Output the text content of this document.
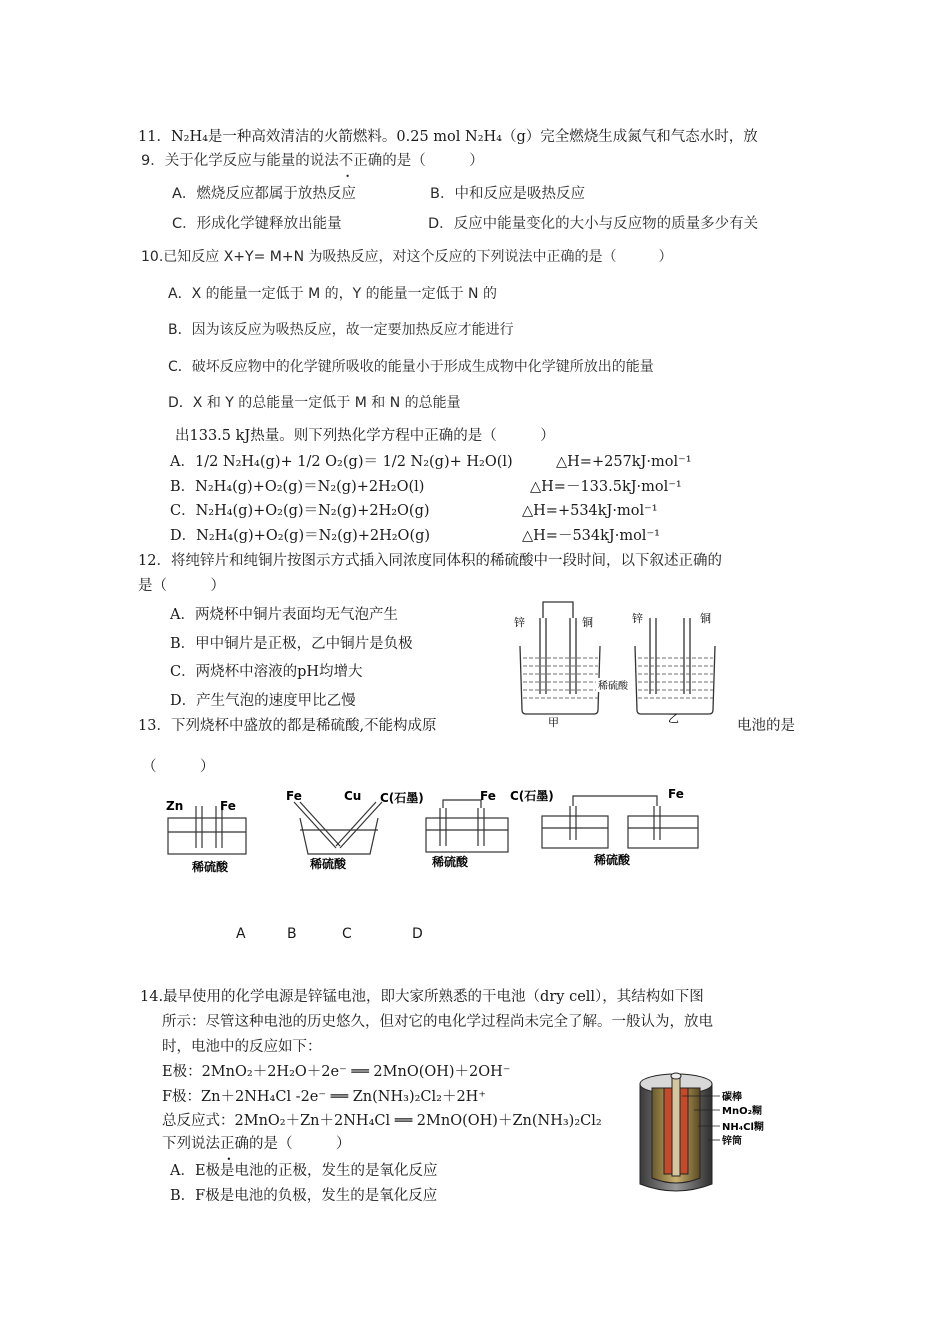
11．N₂H₄是一种高效清洁的火箭燃料。0.25 mol N₂H₄（g）完全燃烧生成氮气和气态水时，放
9．关于化学反应与能量的说法不正确的是（　　　）
A．燃烧反应都属于放热反应	B．中和反应是吸热反应
C．形成化学键释放出能量	D．反应中能量变化的大小与反应物的质量多少有关
10.已知反应 X+Y= M+N 为吸热反应，对这个反应的下列说法中正确的是（　　　）
A．X 的能量一定低于 M 的，Y 的能量一定低于 N 的
B．因为该反应为吸热反应，故一定要加热反应才能进行
C．破坏反应物中的化学键所吸收的能量小于形成生成物中化学键所放出的能量
D．X 和 Y 的总能量一定低于 M 和 N 的总能量
出133.5 kJ热量。则下列热化学方程中正确的是（　　　）
A．1/2 N₂H₄(g)+ 1/2 O₂(g)＝ 1/2 N₂(g)+ H₂O(l)	△H=+257kJ·mol⁻¹
B．N₂H₄(g)+O₂(g)＝N₂(g)+2H₂O(l)	△H=－133.5kJ·mol⁻¹
C．N₂H₄(g)+O₂(g)＝N₂(g)+2H₂O(g)	△H=+534kJ·mol⁻¹
D．N₂H₄(g)+O₂(g)＝N₂(g)+2H₂O(g)	△H=－534kJ·mol⁻¹
12．将纯锌片和纯铜片按图示方式插入同浓度同体积的稀硫酸中一段时间，以下叙述正确的
是（　　　）
A．两烧杯中铜片表面均无气泡产生
B．甲中铜片是正极，乙中铜片是负极
C．两烧杯中溶液的pH均增大
D．产生气泡的速度甲比乙慢
锌	铜	锌	铜
稀硫酸
甲	乙
13．下列烧杯中盛放的都是稀硫酸,不能构成原	电池的是
（　　　）
Zn	Fe
Fe	Cu C(石墨)	Fe C(石墨)	Fe
稀硫酸	稀硫酸	稀硫酸	稀硫酸
A	B	C	D
14.最早使用的化学电源是锌锰电池，即大家所熟悉的干电池（dry cell），其结构如下图
所示：尽管这种电池的历史悠久，但对它的电化学过程尚未完全了解。一般认为，放电
时，电池中的反应如下：
E极：2MnO₂＋2H₂O＋2e⁻ ══ 2MnO(OH)＋2OH⁻
F极：Zn＋2NH₄Cl -2e⁻ ══ Zn(NH₃)₂Cl₂＋2H⁺
总反应式：2MnO₂＋Zn＋2NH₄Cl ══ 2MnO(OH)＋Zn(NH₃)₂Cl₂
下列说法正确的是（　　　）
A．E极是电池的正极，发生的是氧化反应
B．F极是电池的负极，发生的是氧化反应
碳棒
MnO₂糊
NH₄Cl糊
锌筒
